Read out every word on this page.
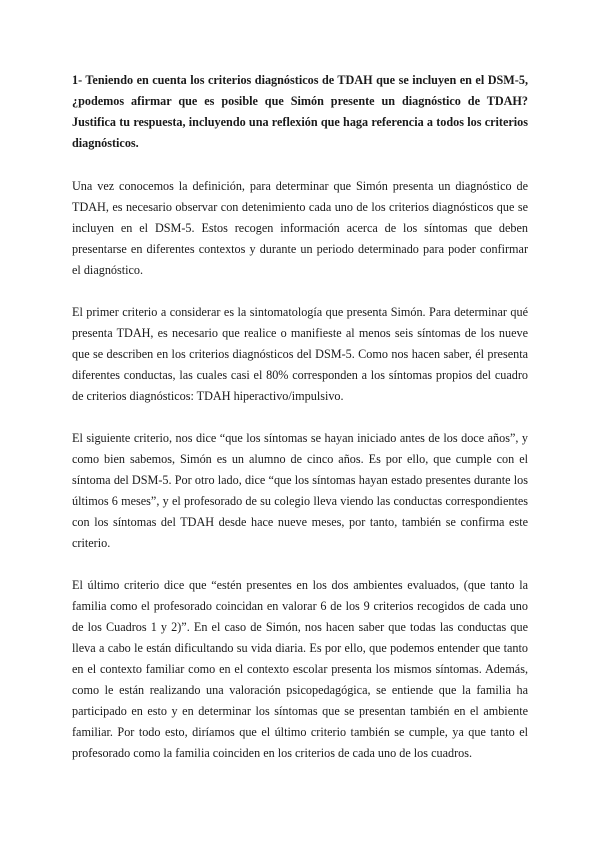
1- Teniendo en cuenta los criterios diagnósticos de TDAH que se incluyen en el DSM-5, ¿podemos afirmar que es posible que Simón presente un diagnóstico de TDAH? Justifica tu respuesta, incluyendo una reflexión que haga referencia a todos los criterios diagnósticos.

Una vez conocemos la definición, para determinar que Simón presenta un diagnóstico de TDAH, es necesario observar con detenimiento cada uno de los criterios diagnósticos que se incluyen en el DSM-5. Estos recogen información acerca de los síntomas que deben presentarse en diferentes contextos y durante un periodo determinado para poder confirmar el diagnóstico.

El primer criterio a considerar es la sintomatología que presenta Simón. Para determinar qué presenta TDAH, es necesario que realice o manifieste al menos seis síntomas de los nueve que se describen en los criterios diagnósticos del DSM-5. Como nos hacen saber, él presenta diferentes conductas, las cuales casi el 80% corresponden a los síntomas propios del cuadro de criterios diagnósticos: TDAH hiperactivo/impulsivo.

El siguiente criterio, nos dice “que los síntomas se hayan iniciado antes de los doce años”, y como bien sabemos, Simón es un alumno de cinco años. Es por ello, que cumple con el síntoma del DSM-5. Por otro lado, dice “que los síntomas hayan estado presentes durante los últimos 6 meses”, y el profesorado de su colegio lleva viendo las conductas correspondientes con los síntomas del TDAH desde hace nueve meses, por tanto, también se confirma este criterio.

El último criterio dice que “estén presentes en los dos ambientes evaluados, (que tanto la familia como el profesorado coincidan en valorar 6 de los 9 criterios recogidos de cada uno de los Cuadros 1 y 2)”. En el caso de Simón, nos hacen saber que todas las conductas que lleva a cabo le están dificultando su vida diaria. Es por ello, que podemos entender que tanto en el contexto familiar como en el contexto escolar presenta los mismos síntomas. Además, como le están realizando una valoración psicopedagógica, se entiende que la familia ha participado en esto y en determinar los síntomas que se presentan también en el ambiente familiar. Por todo esto, diríamos que el último criterio también se cumple, ya que tanto el profesorado como la familia coinciden en los criterios de cada uno de los cuadros.
